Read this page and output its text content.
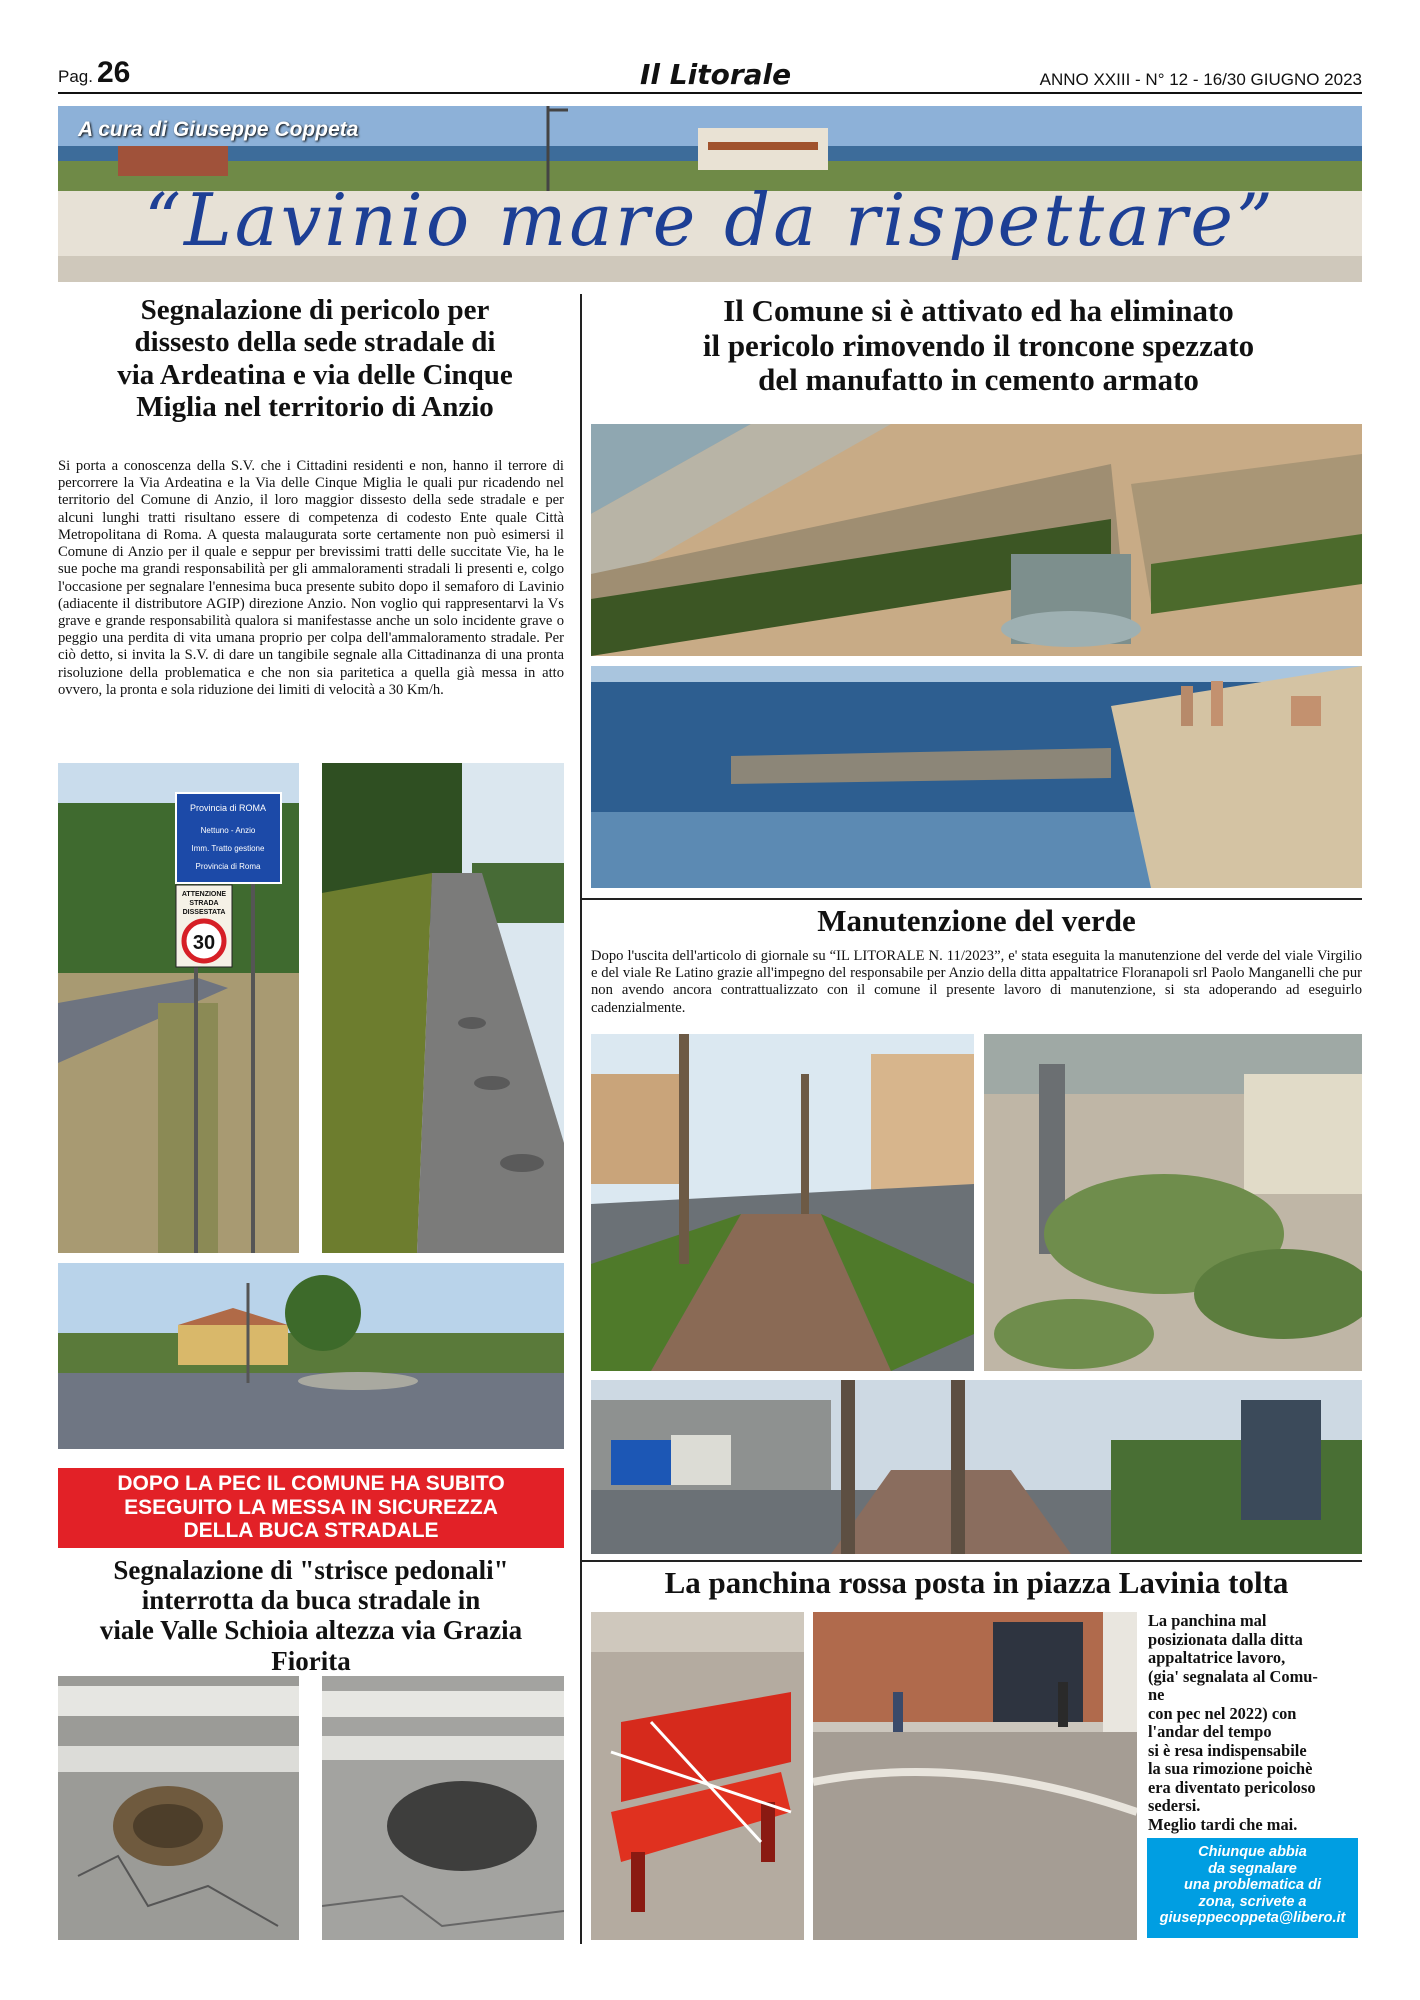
Pag. 26	Il Litorale	ANNO XXIII - N° 12 - 16/30 GIUGNO 2023
A cura di Giuseppe Coppeta
“Lavinio mare da rispettare”
Segnalazione di pericolo per
dissesto della sede stradale di
via Ardeatina e via delle Cinque
Miglia nel territorio di Anzio
Si porta a conoscenza della S.V. che i Cittadini residenti e non, hanno il terrore di percorrere la Via Ardeatina e la Via delle Cinque Miglia le quali pur ricadendo nel territorio del Comune di Anzio, il loro maggior dissesto della sede stradale e per alcuni lunghi tratti risultano essere di competenza di codesto Ente quale Città Metropolitana di Roma. A questa malaugurata sorte certamente non può esimersi il Comune di Anzio per il quale e seppur per brevissimi tratti delle succitate Vie, ha le sue poche ma grandi responsabilità per gli ammaloramenti stradali li presenti e, colgo l'occasione per segnalare l'ennesima buca presente subito dopo il semaforo di Lavinio (adiacente il distributore AGIP) direzione Anzio. Non voglio qui rappresentarvi la Vs grave e grande responsabilità qualora si manifestasse anche un solo incidente grave o peggio una perdita di vita umana proprio per colpa dell'ammaloramento stradale. Per ciò detto, si invita la S.V. di dare un tangibile segnale alla Cittadinanza di una pronta risoluzione della problematica e che non sia paritetica a quella già messa in atto ovvero, la pronta e sola riduzione dei limiti di velocità a 30 Km/h.
Provincia di ROMA
Nettuno - Anzio
Imm. Tratto gestione
Provincia di Roma
ATTENZIONE
STRADA
DISSESTATA
30
DOPO LA PEC IL COMUNE HA SUBITO
ESEGUITO LA MESSA IN SICUREZZA
DELLA BUCA STRADALE
Segnalazione di "strisce pedonali"
interrotta da buca stradale in
viale Valle Schioia altezza via Grazia Fiorita
Il Comune si è attivato ed ha eliminato
il pericolo rimovendo il troncone spezzato
del manufatto in cemento armato
Manutenzione del verde
Dopo l'uscita dell'articolo di giornale su “IL LITORALE N. 11/2023”, e' stata eseguita la manutenzione del verde del viale Virgilio e del viale Re Latino grazie all'impegno del responsabile per Anzio della ditta appaltatrice Floranapoli srl Paolo Manganelli che pur non avendo ancora contrattualizzato con il comune il presente lavoro di manutenzione, si sta adoperando ad eseguirlo cadenzialmente.
La panchina rossa posta in piazza Lavinia tolta
La panchina mal
posizionata dalla ditta
appaltatrice lavoro,
(gia' segnalata al Comu-
ne
con pec nel 2022) con
l'andar del tempo
si è resa indispensabile
la sua rimozione poichè
era diventato pericoloso
sedersi.
Meglio tardi che mai.
Chiunque abbia
da segnalare
una problematica di
zona, scrivete a
giuseppecoppeta@libero.it
